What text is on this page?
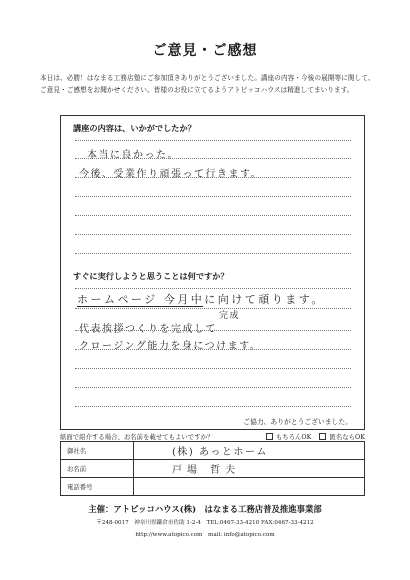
ご意見・ご感想
本日は、必勝！はなまる工務店塾にご参加頂きありがとうございました。講座の内容・今後の展開等に関して、ご意見・ご感想をお聞かせください。皆様のお役に立てるようアトピッコハウスは精進してまいります。
講座の内容は、いかがでしたか？
本当に良かった。
今後、受業作り頑張って行きます。
すぐに実行しようと思うことは何ですか？
ホームページ 今月中に向けて頑ります。
完成
代表挨拶つくりを完成して
クロージング能力を身につけます。
ご協力、ありがとうございました。
紙面で紹介する場合、お名前を載せてもよいですか？	もちろんOK	匿名ならOK
御社名	(株) あっとホーム

お名前	戸場 哲夫

電話番号	
主催：アトピッコハウス(株)　はなまる工務店普及推進事業部
〒248-0017　神奈川県鎌倉市佐助 1-2-4　TEL:0467-33-4210 FAX:0467-33-4212
http://www.atopico.com　mail: info@atopico.com
